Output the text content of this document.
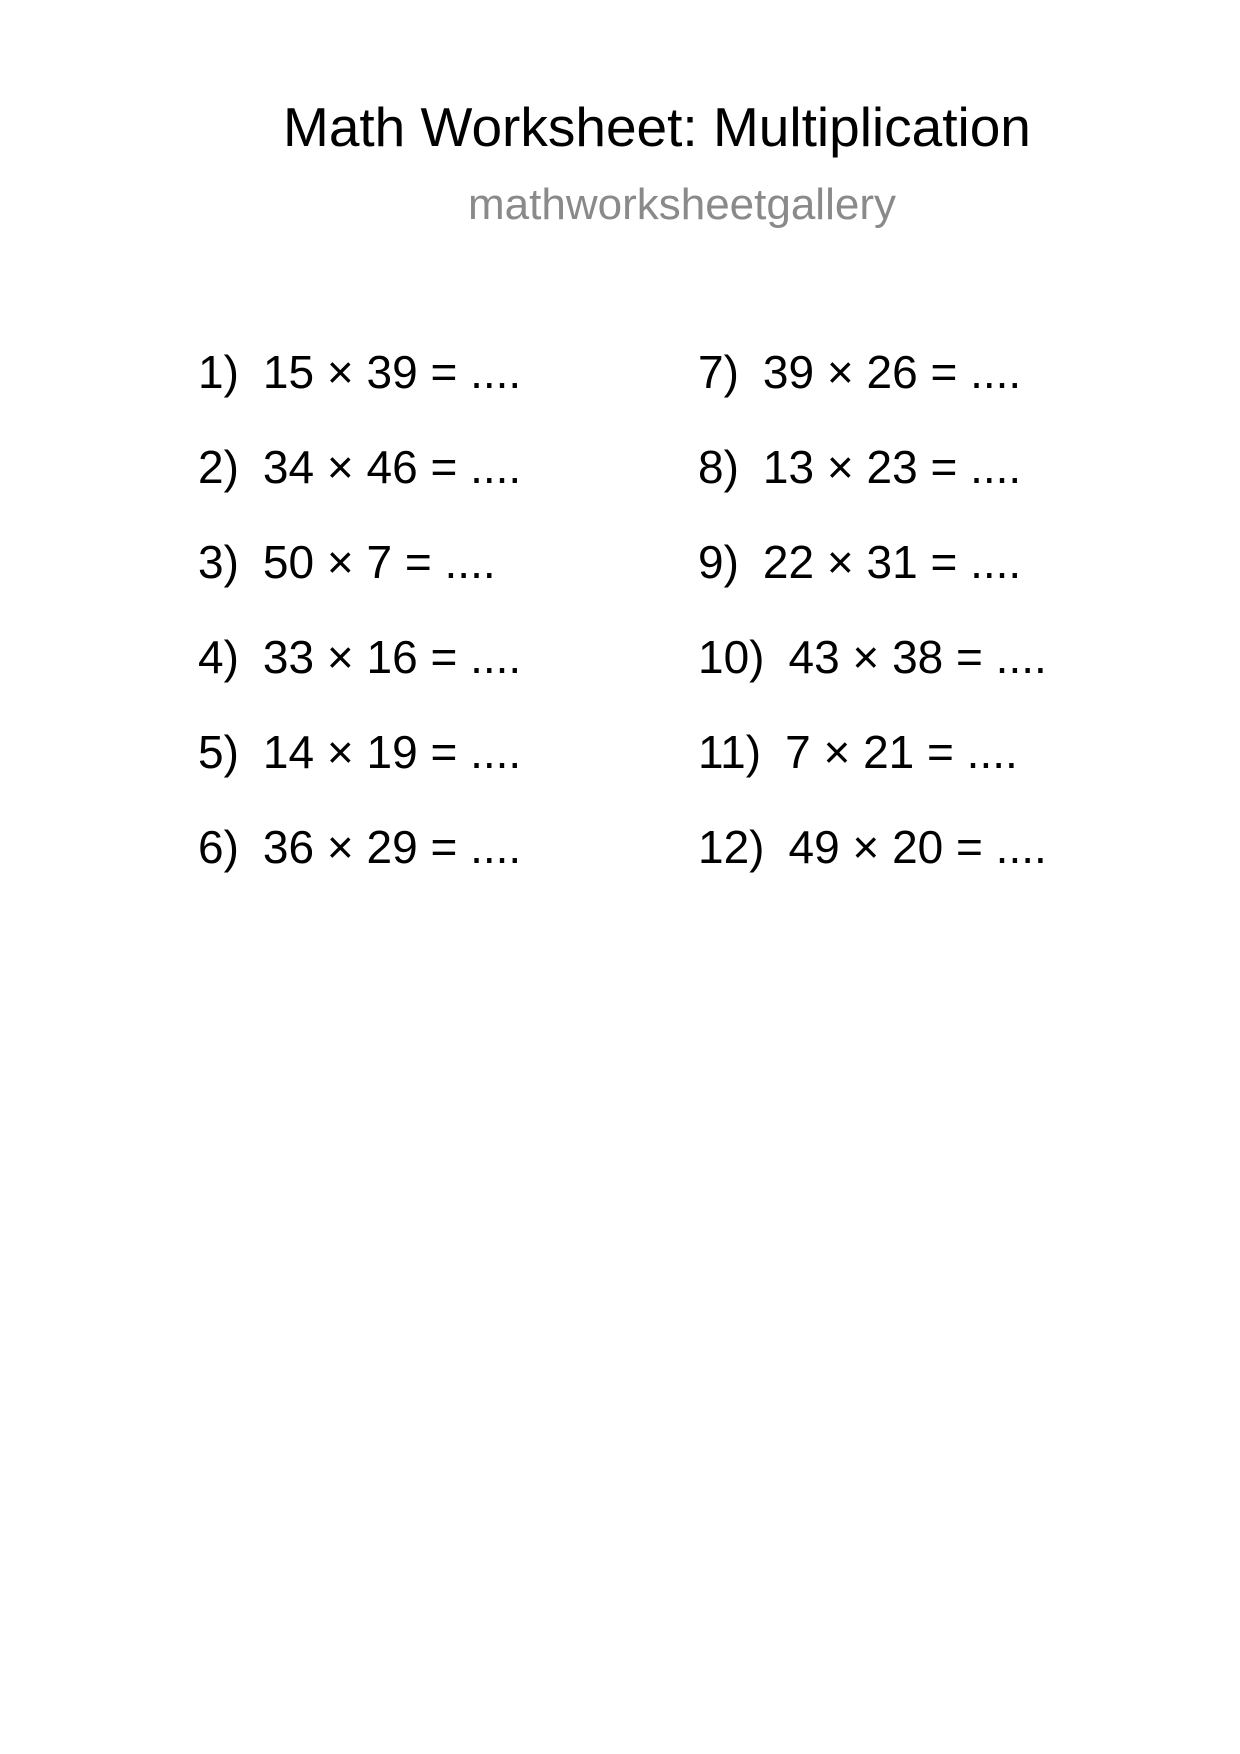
Math Worksheet: Multiplication
mathworksheetgallery
1) 15 × 39 = ....
2) 34 × 46 = ....
3) 50 × 7 = ....
4) 33 × 16 = ....
5) 14 × 19 = ....
6) 36 × 29 = ....
7) 39 × 26 = ....
8) 13 × 23 = ....
9) 22 × 31 = ....
10) 43 × 38 = ....
11) 7 × 21 = ....
12) 49 × 20 = ....
